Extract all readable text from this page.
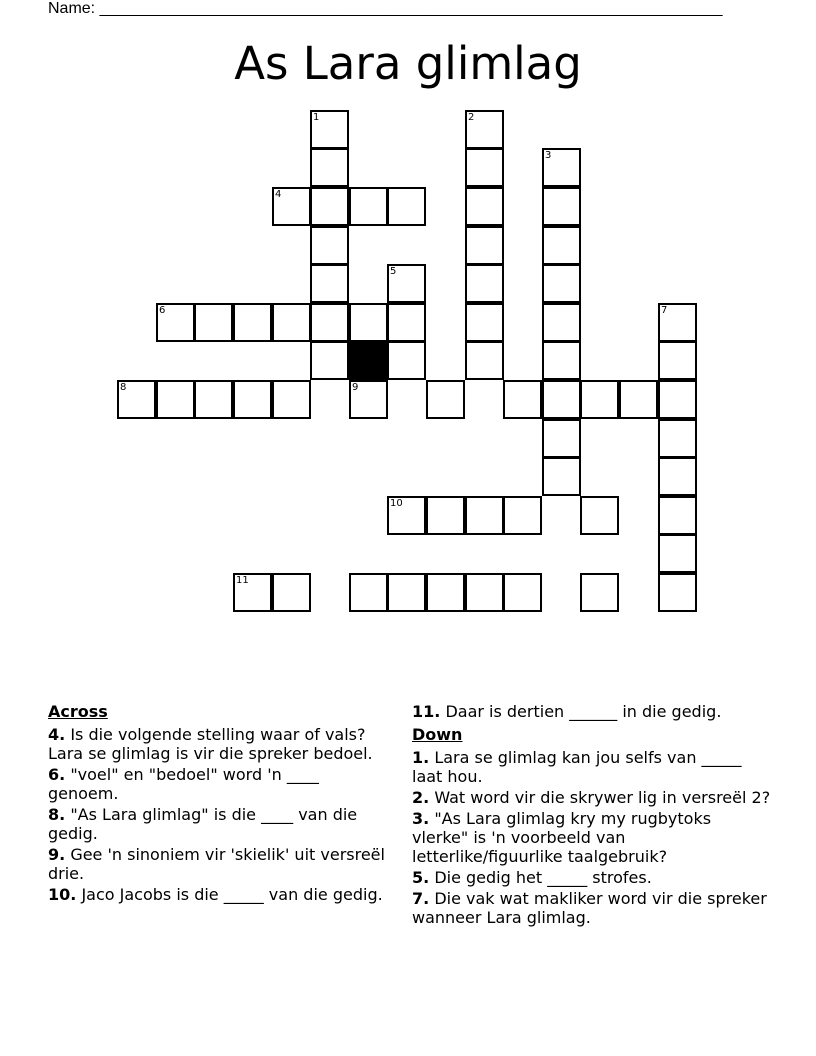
Name: ______________________________________________________________________
As Lara glimlag
1	2
3
4
5
6	7
8	9
10
11
Across
4. Is die volgende stelling waar of vals? Lara se glimlag is vir die spreker bedoel.
6. "voel" en "bedoel" word 'n ____ genoem.
8. "As Lara glimlag" is die ____ van die gedig.
9. Gee 'n sinoniem vir 'skielik' uit versreël drie.
10. Jaco Jacobs is die _____ van die gedig.
11. Daar is dertien ______ in die gedig.
Down
1. Lara se glimlag kan jou selfs van _____ laat hou.
2. Wat word vir die skrywer lig in versreël 2?
3. "As Lara glimlag kry my rugbytoks vlerke" is 'n voorbeeld van letterlike/figuurlike taalgebruik?
5. Die gedig het _____ strofes.
7. Die vak wat makliker word vir die spreker wanneer Lara glimlag.
